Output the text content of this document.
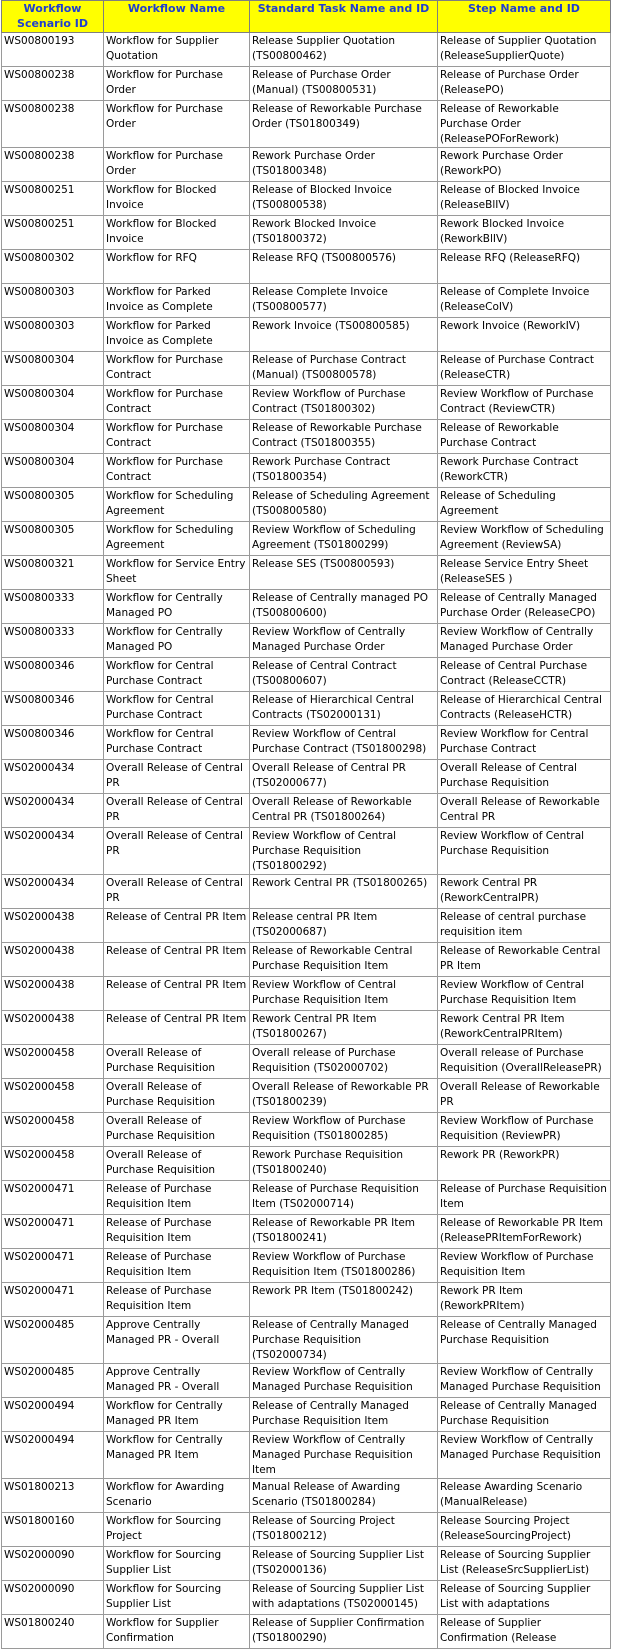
Workflow Scenario ID	Workflow Name	Standard Task Name and ID	Step Name and ID
WS00800193	Workflow for Supplier Quotation	Release Supplier Quotation (TS00800462)	Release of Supplier Quotation (ReleaseSupplierQuote)
WS00800238	Workflow for Purchase Order	Release of Purchase Order (Manual) (TS00800531)	Release of Purchase Order (ReleasePO)
WS00800238	Workflow for Purchase Order	Release of Reworkable Purchase Order (TS01800349)	Release of Reworkable Purchase Order (ReleasePOForRework)
WS00800238	Workflow for Purchase Order	Rework Purchase Order (TS01800348)	Rework Purchase Order (ReworkPO)
WS00800251	Workflow for Blocked Invoice	Release of Blocked Invoice (TS00800538)	Release of Blocked Invoice (ReleaseBlIV)
WS00800251	Workflow for Blocked Invoice	Rework Blocked Invoice (TS01800372)	Rework Blocked Invoice (ReworkBlIV)
WS00800302	Workflow for RFQ	Release RFQ (TS00800576)	Release RFQ (ReleaseRFQ)
WS00800303	Workflow for Parked Invoice as Complete	Release Complete Invoice (TS00800577)	Release of Complete Invoice (ReleaseCoIV)
WS00800303	Workflow for Parked Invoice as Complete	Rework Invoice (TS00800585)	Rework Invoice (ReworkIV)
WS00800304	Workflow for Purchase Contract	Release of Purchase Contract (Manual) (TS00800578)	Release of Purchase Contract (ReleaseCTR)
WS00800304	Workflow for Purchase Contract	Review Workflow of Purchase Contract (TS01800302)	Review Workflow of Purchase Contract (ReviewCTR)
WS00800304	Workflow for Purchase Contract	Release of Reworkable Purchase Contract (TS01800355)	Release of Reworkable Purchase Contract
WS00800304	Workflow for Purchase Contract	Rework Purchase Contract (TS01800354)	Rework Purchase Contract (ReworkCTR)
WS00800305	Workflow for Scheduling Agreement	Release of Scheduling Agreement (TS00800580)	Release of Scheduling Agreement
WS00800305	Workflow for Scheduling Agreement	Review Workflow of Scheduling Agreement (TS01800299)	Review Workflow of Scheduling Agreement (ReviewSA)
WS00800321	Workflow for Service Entry Sheet	Release SES (TS00800593)	Release Service Entry Sheet (ReleaseSES )
WS00800333	Workflow for Centrally Managed PO	Release of Centrally managed PO (TS00800600)	Release of Centrally Managed Purchase Order (ReleaseCPO)
WS00800333	Workflow for Centrally Managed PO	Review Workflow of Centrally Managed Purchase Order	Review Workflow of Centrally Managed Purchase Order
WS00800346	Workflow for Central Purchase Contract	Release of Central Contract (TS00800607)	Release of Central Purchase Contract (ReleaseCCTR)
WS00800346	Workflow for Central Purchase Contract	Release of Hierarchical Central Contracts (TS02000131)	Release of Hierarchical Central Contracts (ReleaseHCTR)
WS00800346	Workflow for Central Purchase Contract	Review Workflow of Central Purchase Contract (TS01800298)	Review Workflow for Central Purchase Contract
WS02000434	Overall Release of Central PR	Overall Release of Central PR (TS02000677)	Overall Release of Central Purchase Requisition
WS02000434	Overall Release of Central PR	Overall Release of Reworkable Central PR (TS01800264)	Overall Release of Reworkable Central PR
WS02000434	Overall Release of Central PR	Review Workflow of Central Purchase Requisition (TS01800292)	Review Workflow of Central Purchase Requisition
WS02000434	Overall Release of Central PR	Rework Central PR (TS01800265)	Rework Central PR (ReworkCentralPR)
WS02000438	Release of Central PR Item	Release central PR Item (TS02000687)	Release of central purchase requisition item
WS02000438	Release of Central PR Item	Release of Reworkable Central Purchase Requisition Item	Release of Reworkable Central PR Item
WS02000438	Release of Central PR Item	Review Workflow of Central Purchase Requisition Item	Review Workflow of Central Purchase Requisition Item
WS02000438	Release of Central PR Item	Rework Central PR Item (TS01800267)	Rework Central PR Item (ReworkCentralPRItem)
WS02000458	Overall Release of Purchase Requisition	Overall release of Purchase Requisition (TS02000702)	Overall release of Purchase Requisition (OverallReleasePR)
WS02000458	Overall Release of Purchase Requisition	Overall Release of Reworkable PR (TS01800239)	Overall Release of Reworkable PR
WS02000458	Overall Release of Purchase Requisition	Review Workflow of Purchase Requisition (TS01800285)	Review Workflow of Purchase Requisition (ReviewPR)
WS02000458	Overall Release of Purchase Requisition	Rework Purchase Requisition (TS01800240)	Rework PR (ReworkPR)
WS02000471	Release of Purchase Requisition Item	Release of Purchase Requisition Item (TS02000714)	Release of Purchase Requisition Item
WS02000471	Release of Purchase Requisition Item	Release of Reworkable PR Item (TS01800241)	Release of Reworkable PR Item (ReleasePRItemForRework)
WS02000471	Release of Purchase Requisition Item	Review Workflow of Purchase Requisition Item (TS01800286)	Review Workflow of Purchase Requisition Item
WS02000471	Release of Purchase Requisition Item	Rework PR Item (TS01800242)	Rework PR Item (ReworkPRItem)
WS02000485	Approve Centrally Managed PR - Overall	Release of Centrally Managed Purchase Requisition (TS02000734)	Release of Centrally Managed Purchase Requisition
WS02000485	Approve Centrally Managed PR - Overall	Review Workflow of Centrally Managed Purchase Requisition	Review Workflow of Centrally Managed Purchase Requisition
WS02000494	Workflow for Centrally Managed PR Item	Release of Centrally Managed Purchase Requisition Item	Release of Centrally Managed Purchase Requisition
WS02000494	Workflow for Centrally Managed PR Item	Review Workflow of Centrally Managed Purchase Requisition Item	Review Workflow of Centrally Managed Purchase Requisition
WS01800213	Workflow for Awarding Scenario	Manual Release of Awarding Scenario (TS01800284)	Release Awarding Scenario (ManualRelease)
WS01800160	Workflow for Sourcing Project	Release of Sourcing Project (TS01800212)	Release Sourcing Project (ReleaseSourcingProject)
WS02000090	Workflow for Sourcing Supplier List	Release of Sourcing Supplier List (TS02000136)	Release of Sourcing Supplier List (ReleaseSrcSupplierList)
WS02000090	Workflow for Sourcing Supplier List	Release of Sourcing Supplier List with adaptations (TS02000145)	Release of Sourcing Supplier List with adaptations
WS01800240	Workflow for Supplier Confirmation	Release of Supplier Confirmation (TS01800290)	Release of Supplier Confirmation (Release
